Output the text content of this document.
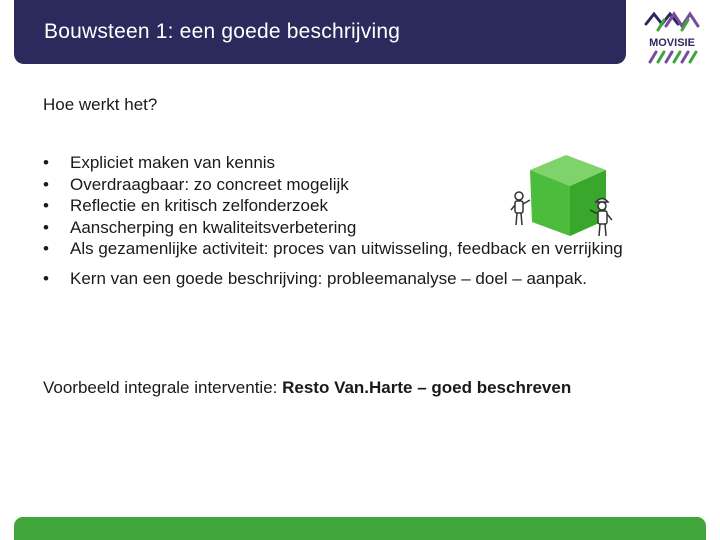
Bouwsteen 1: een goede beschrijving	MOVISIE
Hoe werkt het?
• Expliciet maken van kennis
• Overdraagbaar: zo concreet mogelijk
• Reflectie en kritisch zelfonderzoek
• Aanscherping en kwaliteitsverbetering
• Als gezamenlijke activiteit: proces van uitwisseling, feedback en verrijking
• Kern van een goede beschrijving: probleemanalyse – doel – aanpak.
Voorbeeld integrale interventie: Resto Van.Harte – goed beschreven
